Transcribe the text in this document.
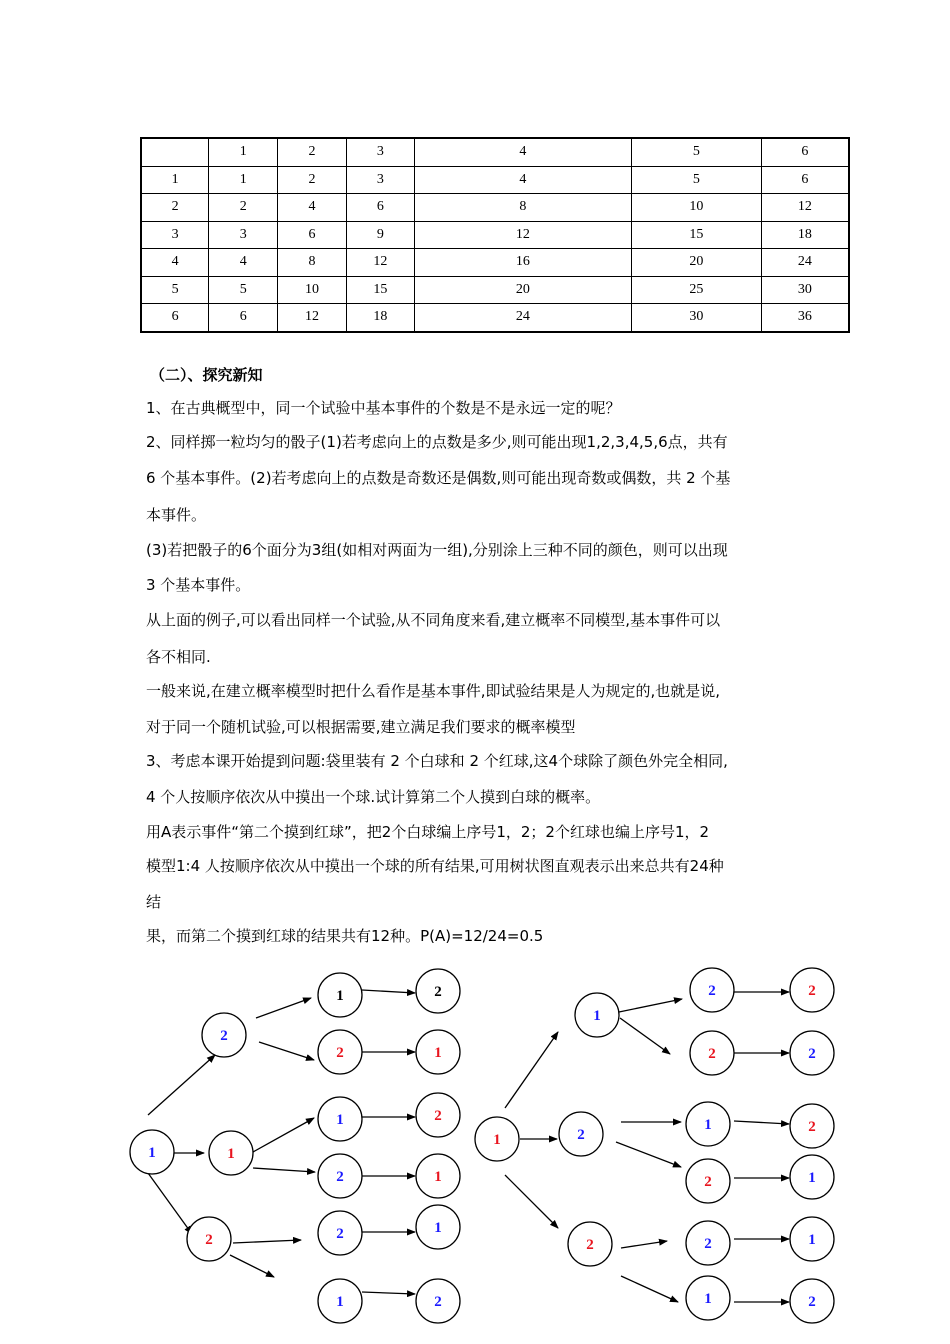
	1	2	3	4	5	6
1	1	2	3	4	5	6
2	2	4	6	8	10	12
3	3	6	9	12	15	18
4	4	8	12	16	20	24
5	5	10	15	20	25	30
6	6	12	18	24	30	36
（二）、探究新知
1、在古典概型中，同一个试验中基本事件的个数是不是永远一定的呢？
2、同样掷一粒均匀的骰子(1)若考虑向上的点数是多少,则可能出现1,2,3,4,5,6点，共有
6 个基本事件。(2)若考虑向上的点数是奇数还是偶数,则可能出现奇数或偶数，共 2 个基
本事件。
(3)若把骰子的6个面分为3组(如相对两面为一组),分别涂上三种不同的颜色，则可以出现
3 个基本事件。
从上面的例子,可以看出同样一个试验,从不同角度来看,建立概率不同模型,基本事件可以
各不相同.
一般来说,在建立概率模型时把什么看作是基本事件,即试验结果是人为规定的,也就是说,
对于同一个随机试验,可以根据需要,建立满足我们要求的概率模型
3、考虑本课开始提到问题:袋里装有 2 个白球和 2 个红球,这4个球除了颜色外完全相同,
4 个人按顺序依次从中摸出一个球.试计算第二个人摸到白球的概率。
用A表示事件“第二个摸到红球”，把2个白球编上序号1，2；2个红球也编上序号1，2
模型1:4 人按顺序依次从中摸出一个球的所有结果,可用树状图直观表示出来总共有24种
结
果，而第二个摸到红球的结果共有12种。P(A)=12/24=0.5
1
2
1
2
1	2
2	1
1	2
2	1
2	1
1	2
1
1
2
2
2	2
2	2
1	2
2	1
2	1
1	2
